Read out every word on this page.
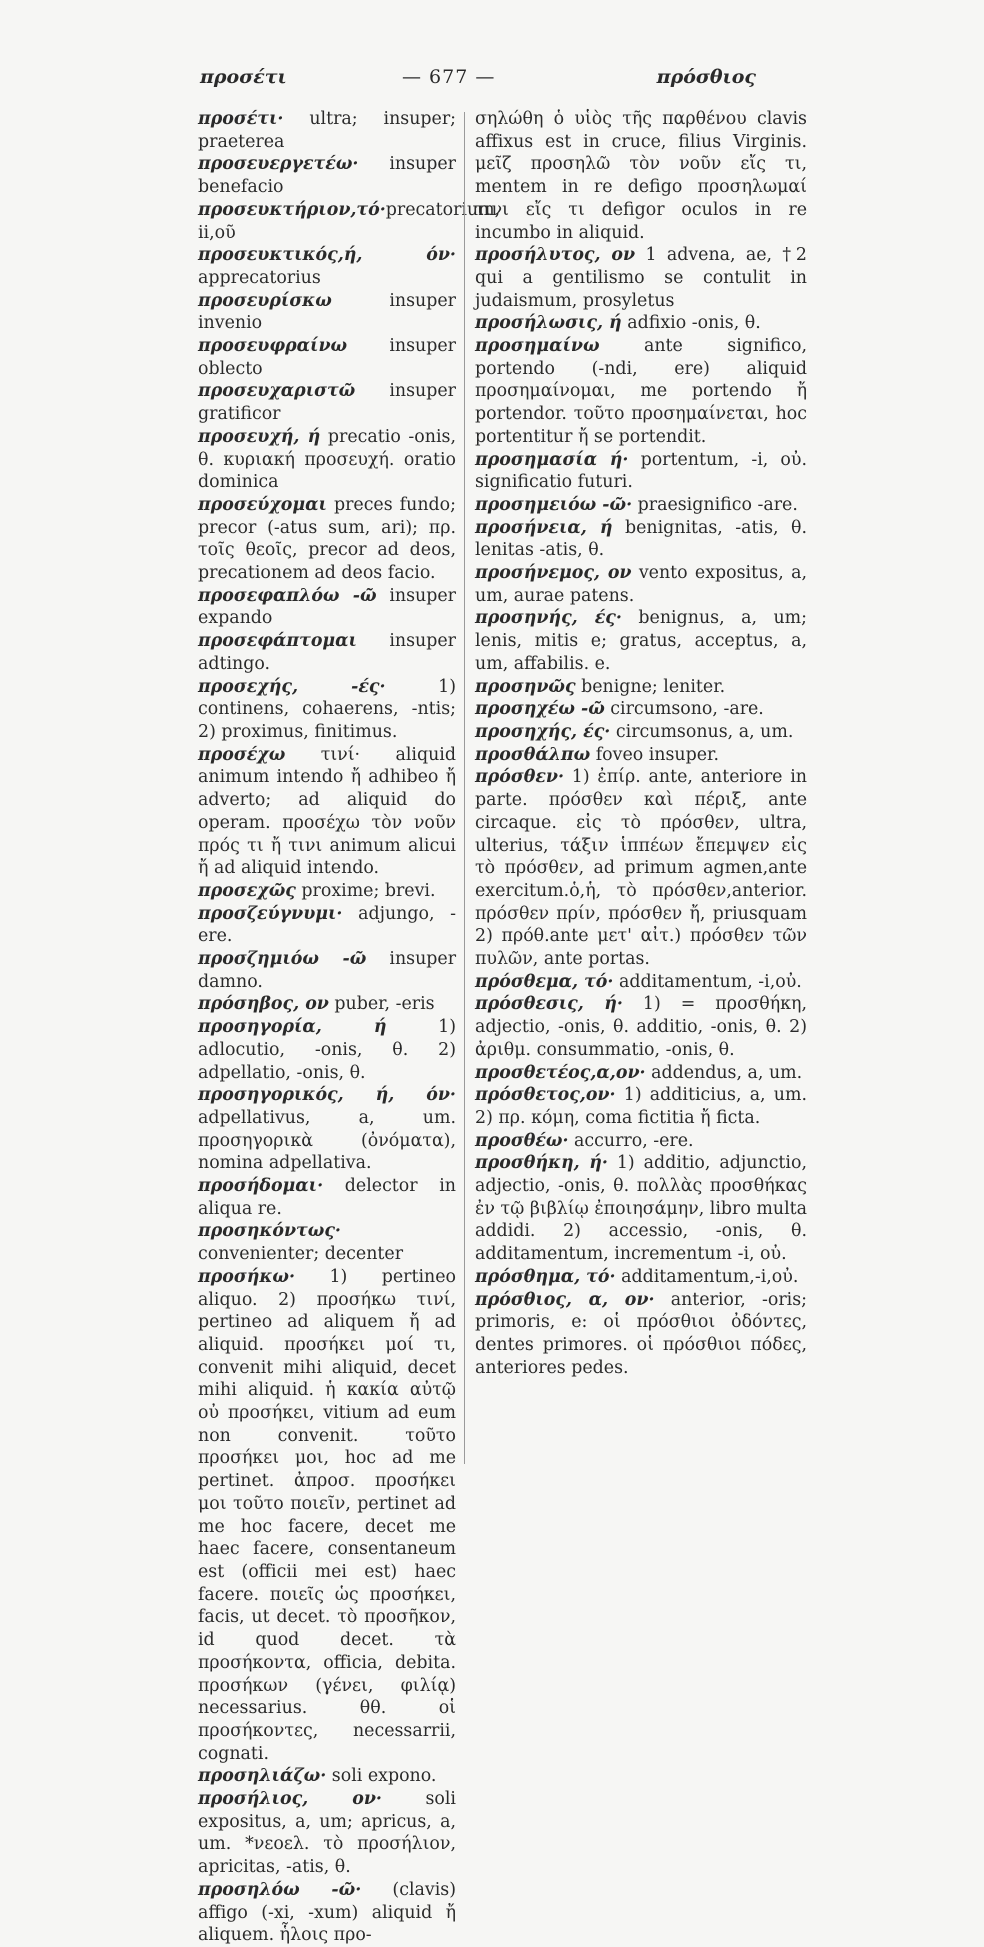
προσέτι	— 677 —	πρόσθιος

προσέτι· ultra; insuper; praeterea

προσευεργετέω· insuper benefacio

προσευκτήριον,τό·precatorium, ii,οῦ

προσευκτικός,ή, όν· apprecatorius

προσευρίσκω insuper invenio

προσευφραίνω insuper oblecto

προσευχαριστῶ insuper gratificor

προσευχή, ή precatio -onis, θ. κυριακή προσευχή. oratio dominica

προσεύχομαι preces fundo; precor (-atus sum, ari); πρ. τοῖς θεοῖς, precor ad deos, precationem ad deos facio.

προσεφαπλόω -ῶ insuper expando

προσεφάπτομαι insuper adtingo.

προσεχής, -ές· 1) continens, cohaerens, -ntis; 2) proximus, finitimus.

προσέχω τινί· aliquid animum intendo ἤ adhibeo ἤ adverto; ad aliquid do operam. προσέχω τὸν νοῦν πρός τι ἤ τινι animum alicui ἤ ad aliquid intendo.

προσεχῶς proxime; brevi.

προσζεύγνυμι· adjungo, -ere.

προσζημιόω -ῶ insuper damno.

πρόσηβος, ον puber, -eris

προσηγορία, ή 1) adlocutio, -onis, θ. 2) adpellatio, -onis, θ.

προσηγορικός, ή, όν· adpellativus, a, um. προσηγορικὰ (ὀνόματα), nomina adpellativa.

προσήδομαι· delector in aliqua re.

προσηκόντως· convenienter; decenter

προσήκω· 1) pertineo aliquo. 2) προσήκω τινί, pertineo ad aliquem ἤ ad aliquid. προσήκει μοί τι, convenit mihi aliquid, decet mihi aliquid. ἡ κακία αὐτῷ οὐ προσήκει, vitium ad eum non convenit. τοῦτο προσήκει μοι, hoc ad me pertinet. ἀπροσ. προσήκει μοι τοῦτο ποιεῖν, pertinet ad me hoc facere, decet me haec facere, consentaneum est (officii mei est) haec facere. ποιεῖς ὡς προσήκει, facis, ut decet. τὸ προσῆκον, id quod decet. τὰ προσήκοντα, officia, debita. προσήκων (γένει, φιλίᾳ) necessarius. θθ. οἱ προσήκοντες, necessarrii, cognati.

προσηλιάζω· soli expono.

προσήλιος, ον· soli expositus, a, um; apricus, a, um. *νεοελ. τὸ προσήλιον, apricitas, -atis, θ.

προσηλόω -ῶ· (clavis) affigo (-xi, -xum) aliquid ἤ aliquem. ἧλοις προ-

σηλώθη ὁ υἱὸς τῆς παρθένου clavis affixus est in cruce, filius Virginis. μεῖζ προσηλῶ τὸν νοῦν εἴς τι, mentem in re defigo προσηλωμαί τινι εἴς τι defigor oculos in re incumbo in aliquid.

προσήλυτος, ον 1 advena, ae, †2 qui a gentilismo se contulit in judaismum, prosyletus

προσήλωσις, ή adfixio -onis, θ.

προσημαίνω ante significo, portendo (-ndi, ere) aliquid προσημαίνομαι, me portendo ἤ portendor. τοῦτο προσημαίνεται, hoc portentitur ἤ se portendit.

προσημασία ή· portentum, -i, οὐ. significatio futuri.

προσημειόω -ῶ· praesignifico -are.

προσήνεια, ή benignitas, -atis, θ. lenitas -atis, θ.

προσήνεμος, ον vento expositus, a, um, aurae patens.

προσηνής, ές· benignus, a, um; lenis, mitis e; gratus, acceptus, a, um, affabilis. e.

προσηνῶς benigne; leniter.

προσηχέω -ῶ circumsono, -are.

προσηχής, ές· circumsonus, a, um.

προσθάλπω foveo insuper.

πρόσθεν· 1) ἐπίρ. ante, anteriore in parte. πρόσθεν καὶ πέριξ, ante circaque. εἰς τὸ πρόσθεν, ultra, ulterius, τάξιν ἱππέων ἔπεμψεν εἰς τὸ πρόσθεν, ad primum agmen,ante exercitum.ὁ,ἡ, τὸ πρόσθεν,anterior. πρόσθεν πρίν, πρόσθεν ἤ, priusquam 2) πρόθ.ante μετ' αἰτ.) πρόσθεν τῶν πυλῶν, ante portas.

πρόσθεμα, τό· additamentum, -i,οὐ.

πρόσθεσις, ή· 1) = προσθήκη, adjectio, -onis, θ. additio, -onis, θ. 2) ἀριθμ. consummatio, -onis, θ.

προσθετέος,α,ον· addendus, a, um.

πρόσθετος,ον· 1) additicius, a, um. 2) πρ. κόμη, coma fictitia ἤ ficta.

προσθέω· accurro, -ere.

προσθήκη, ή· 1) additio, adjunctio, adjectio, -onis, θ. πολλὰς προσθήκας ἐν τῷ βιβλίῳ ἐποιησάμην, libro multa addidi. 2) accessio, -onis, θ. additamentum, incrementum -i, οὐ.

πρόσθημα, τό· additamentum,-i,οὐ.

πρόσθιος, α, ον· anterior, -oris; primoris, e: οἱ πρόσθιοι ὀδόντες, dentes primores. οἱ πρόσθιοι πόδες, anteriores pedes.
